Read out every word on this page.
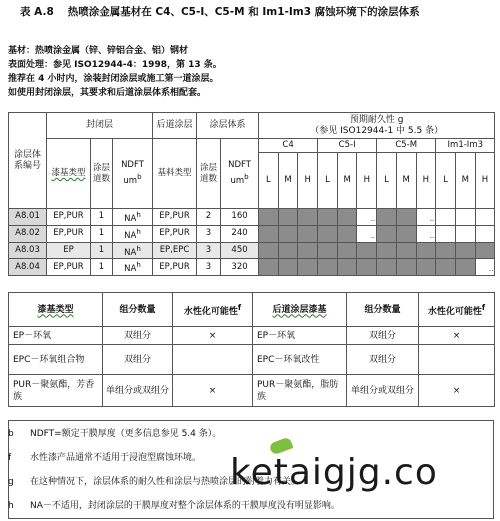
表 A.8 热喷涂金属基材在 C4、C5-I、C5-M 和 Im1-Im3 腐蚀环境下的涂层体系
基材：热喷涂金属（锌、锌铝合金、铝）钢材
表面处理：参见 ISO12944-4：1998，第 13 条。
推荐在 4 小时内，涂装封闭涂层或施工第一道涂层。
如使用封闭涂层，其要求和后道涂层体系相配套。
涂层体系编号	封闭层			后道涂层	涂层体系		预期耐久性 g
（参见 ISO12944-1 中 5.5 条）											

	漆基类型	涂层道数	NDFT $um^b$	基料类型	涂层道数	NDFT $um^b$	C4			C5-I			C5-M			Im1-Im3		
							L	M	H	L	M	H	L	M	H	L	M	H
A8.01	EP,PUR	1	$NA^h$	EP,PUR	2	160						..			..			
A8.02	EP,PUR	1	$NA^h$	EP,PUR	3	240						..			..			
A8.03	EP	1	$NA^h$	EP,EPC	3	450												
A8.04	EP,PUR	1	$NA^h$	EP,PUR	3	320												..
漆基类型	组分数量	水性化可能性$^f$	后道涂层漆基	组分数量	水性化可能性$^f$
EP－环氧	双组分	×	EP－环氧	双组分	×
EPC－环氧组合物	双组分		EPC－环氧改性	双组分	
PUR－聚氨酯，芳香族	单组分或双组分	×	PUR－聚氨酯，脂肪族	单组分或双组分	×
b NDFT=额定干膜厚度（更多信息参见 5.4 条）。
f 水性漆产品通常不适用于浸泡型腐蚀环境。
g 在这种情况下，涂层体系的耐久性和涂层与热喷涂层的附着力有关。
h NA－不适用，封闭涂层的干膜厚度对整个涂层体系的干膜厚度没有明显影响。
ketaigjg.co
